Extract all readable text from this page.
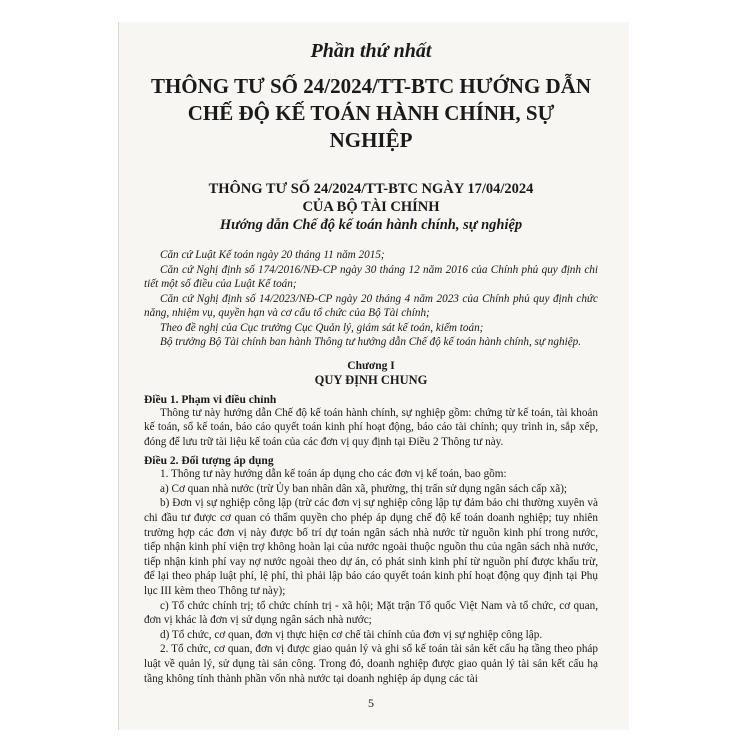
Phần thứ nhất
THÔNG TƯ SỐ 24/2024/TT-BTC HƯỚNG DẪN
CHẾ ĐỘ KẾ TOÁN HÀNH CHÍNH, SỰ NGHIỆP
THÔNG TƯ SỐ 24/2024/TT-BTC NGÀY 17/04/2024
CỦA BỘ TÀI CHÍNH
Hướng dẫn Chế độ kế toán hành chính, sự nghiệp

Căn cứ Luật Kế toán ngày 20 tháng 11 năm 2015;

Căn cứ Nghị định số 174/2016/NĐ-CP ngày 30 tháng 12 năm 2016 của Chính phủ quy định chi tiết một số điều của Luật Kế toán;

Căn cứ Nghị định số 14/2023/NĐ-CP ngày 20 tháng 4 năm 2023 của Chính phủ quy định chức năng, nhiệm vụ, quyền hạn và cơ cấu tổ chức của Bộ Tài chính;

Theo đề nghị của Cục trưởng Cục Quản lý, giám sát kế toán, kiểm toán;

Bộ trưởng Bộ Tài chính ban hành Thông tư hướng dẫn Chế độ kế toán hành chính, sự nghiệp.

Chương I
QUY ĐỊNH CHUNG
Điều 1. Phạm vi điều chỉnh

Thông tư này hướng dẫn Chế độ kế toán hành chính, sự nghiệp gồm: chứng từ kế toán, tài khoản kế toán, sổ kế toán, báo cáo quyết toán kinh phí hoạt động, báo cáo tài chính; quy trình in, sắp xếp, đóng để lưu trữ tài liệu kế toán của các đơn vị quy định tại Điều 2 Thông tư này.

Điều 2. Đối tượng áp dụng

1. Thông tư này hướng dẫn kế toán áp dụng cho các đơn vị kế toán, bao gồm:

a) Cơ quan nhà nước (trừ Ủy ban nhân dân xã, phường, thị trấn sử dụng ngân sách cấp xã);

b) Đơn vị sự nghiệp công lập (trừ các đơn vị sự nghiệp công lập tự đảm bảo chi thường xuyên và chi đầu tư được cơ quan có thẩm quyền cho phép áp dụng chế độ kế toán doanh nghiệp; tuy nhiên trường hợp các đơn vị này được bố trí dự toán ngân sách nhà nước từ nguồn kinh phí trong nước, tiếp nhận kinh phí viện trợ không hoàn lại của nước ngoài thuộc nguồn thu của ngân sách nhà nước, tiếp nhận kinh phí vay nợ nước ngoài theo dự án, có phát sinh kinh phí từ nguồn phí được khấu trừ, để lại theo pháp luật phí, lệ phí, thì phải lập báo cáo quyết toán kinh phí hoạt động quy định tại Phụ lục III kèm theo Thông tư này);

c) Tổ chức chính trị; tổ chức chính trị - xã hội; Mặt trận Tổ quốc Việt Nam và tổ chức, cơ quan, đơn vị khác là đơn vị sử dụng ngân sách nhà nước;

d) Tổ chức, cơ quan, đơn vị thực hiện cơ chế tài chính của đơn vị sự nghiệp công lập.

2. Tổ chức, cơ quan, đơn vị được giao quản lý và ghi sổ kế toán tài sản kết cấu hạ tầng theo pháp luật về quản lý, sử dụng tài sản công. Trong đó, doanh nghiệp được giao quản lý tài sản kết cấu hạ tầng không tính thành phần vốn nhà nước tại doanh nghiệp áp dụng các tài

5
